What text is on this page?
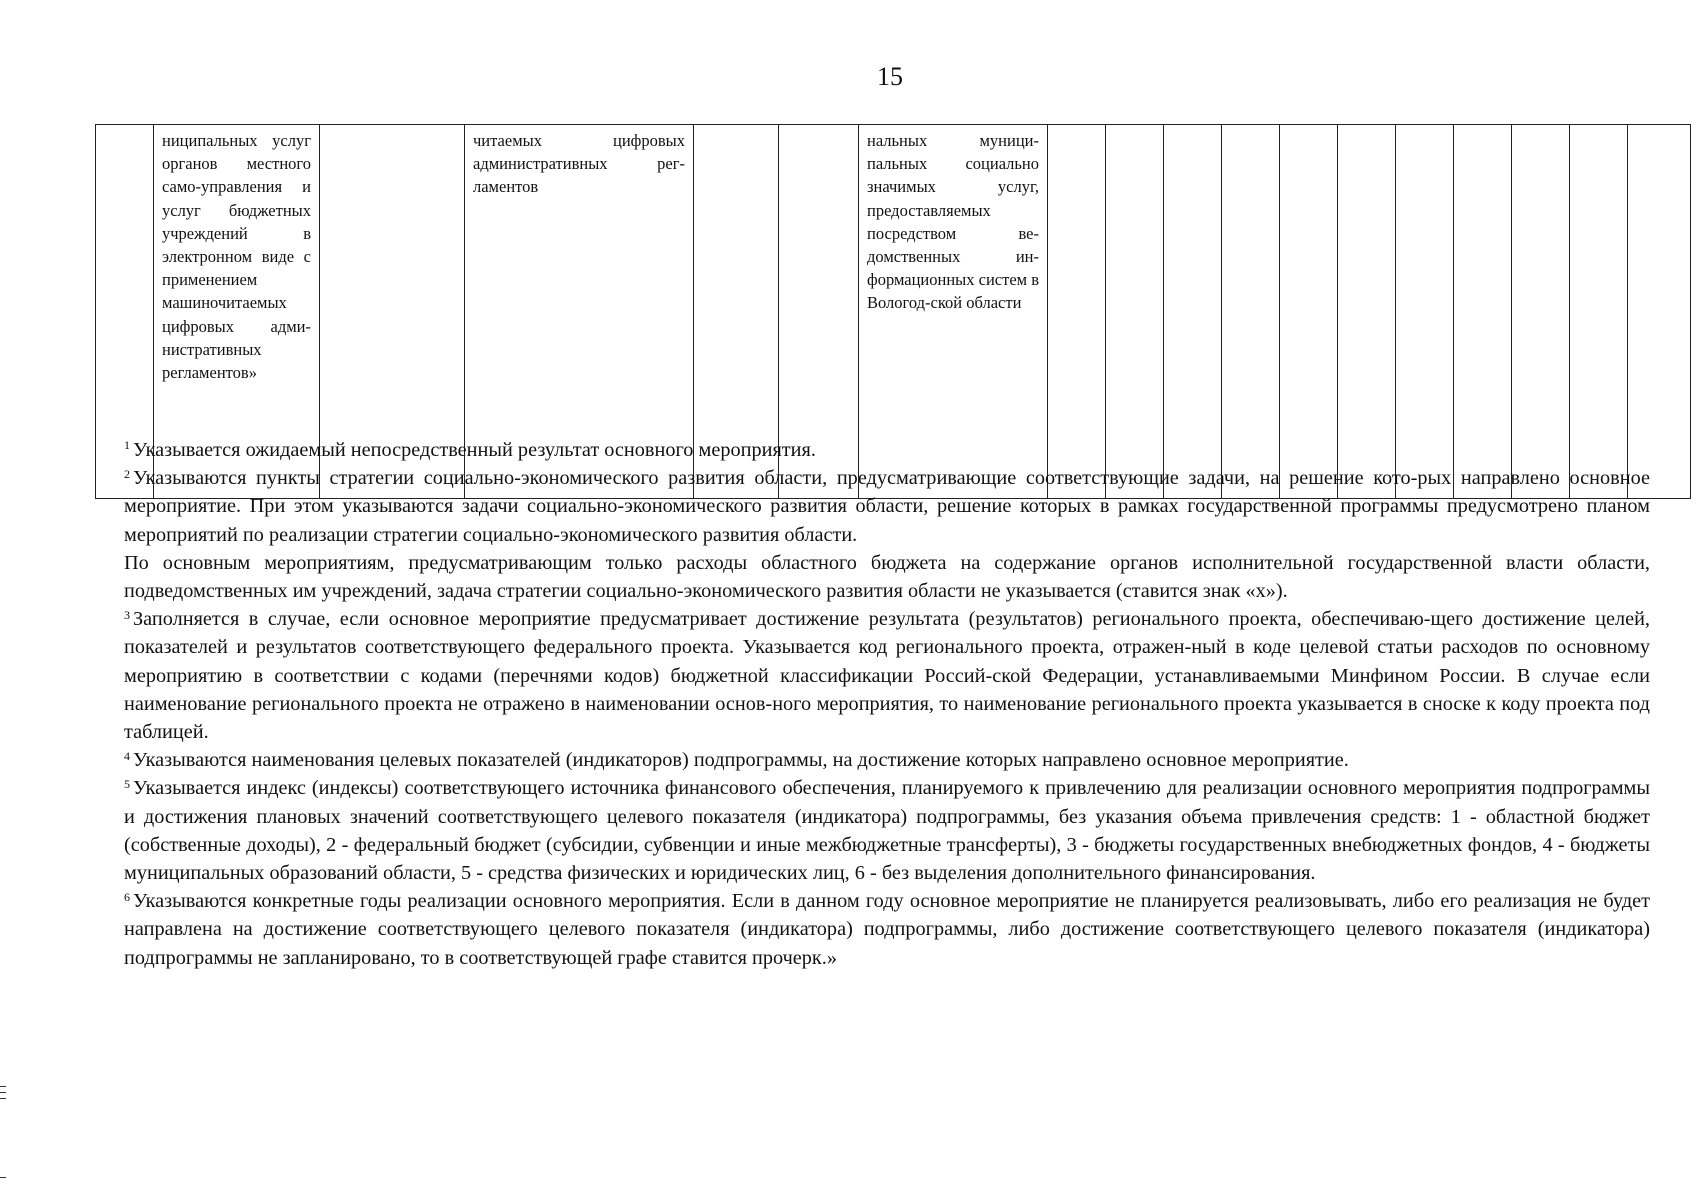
15
	ниципальных услуг органов местного само-управления и услуг бюджетных учреждений в электронном виде с применением машиночитаемых цифровых адми-нистративных регламентов»		читаемых цифровых административных рег-ламентов			нальных муници-пальных социально значимых услуг, предоставляемых посредством ве-домственных ин-формационных систем в Вологод-ской области											

$^1$ Указывается ожидаемый непосредственный результат основного мероприятия.

$^2$ Указываются пункты стратегии социально-экономического развития области, предусматривающие соответствующие задачи, на решение кото-рых направлено основное мероприятие. При этом указываются задачи социально-экономического развития области, решение которых в рамках государственной программы предусмотрено планом мероприятий по реализации стратегии социально-экономического развития области.

По основным мероприятиям, предусматривающим только расходы областного бюджета на содержание органов исполнительной государственной власти области, подведомственных им учреждений, задача стратегии социально-экономического развития области не указывается (ставится знак «х»).

$^3$ Заполняется в случае, если основное мероприятие предусматривает достижение результата (результатов) регионального проекта, обеспечиваю-щего достижение целей, показателей и результатов соответствующего федерального проекта. Указывается код регионального проекта, отражен-ный в коде целевой статьи расходов по основному мероприятию в соответствии с кодами (перечнями кодов) бюджетной классификации Россий-ской Федерации, устанавливаемыми Минфином России. В случае если наименование регионального проекта не отражено в наименовании основ-ного мероприятия, то наименование регионального проекта указывается в сноске к коду проекта под таблицей.

$^4$ Указываются наименования целевых показателей (индикаторов) подпрограммы, на достижение которых направлено основное мероприятие.

$^5$ Указывается индекс (индексы) соответствующего источника финансового обеспечения, планируемого к привлечению для реализации основного мероприятия подпрограммы и достижения плановых значений соответствующего целевого показателя (индикатора) подпрограммы, без указания объема привлечения средств: 1 - областной бюджет (собственные доходы), 2 - федеральный бюджет (субсидии, субвенции и иные межбюджетные трансферты), 3 - бюджеты государственных внебюджетных фондов, 4 - бюджеты муниципальных образований области, 5 - средства физических и юридических лиц, 6 - без выделения дополнительного финансирования.

$^6$ Указываются конкретные годы реализации основного мероприятия. Если в данном году основное мероприятие не планируется реализовывать, либо его реализация не будет направлена на достижение соответствующего целевого показателя (индикатора) подпрограммы, либо достижение соответствующего целевого показателя (индикатора) подпрограммы не запланировано, то в соответствующей графе ставится прочерк.»
